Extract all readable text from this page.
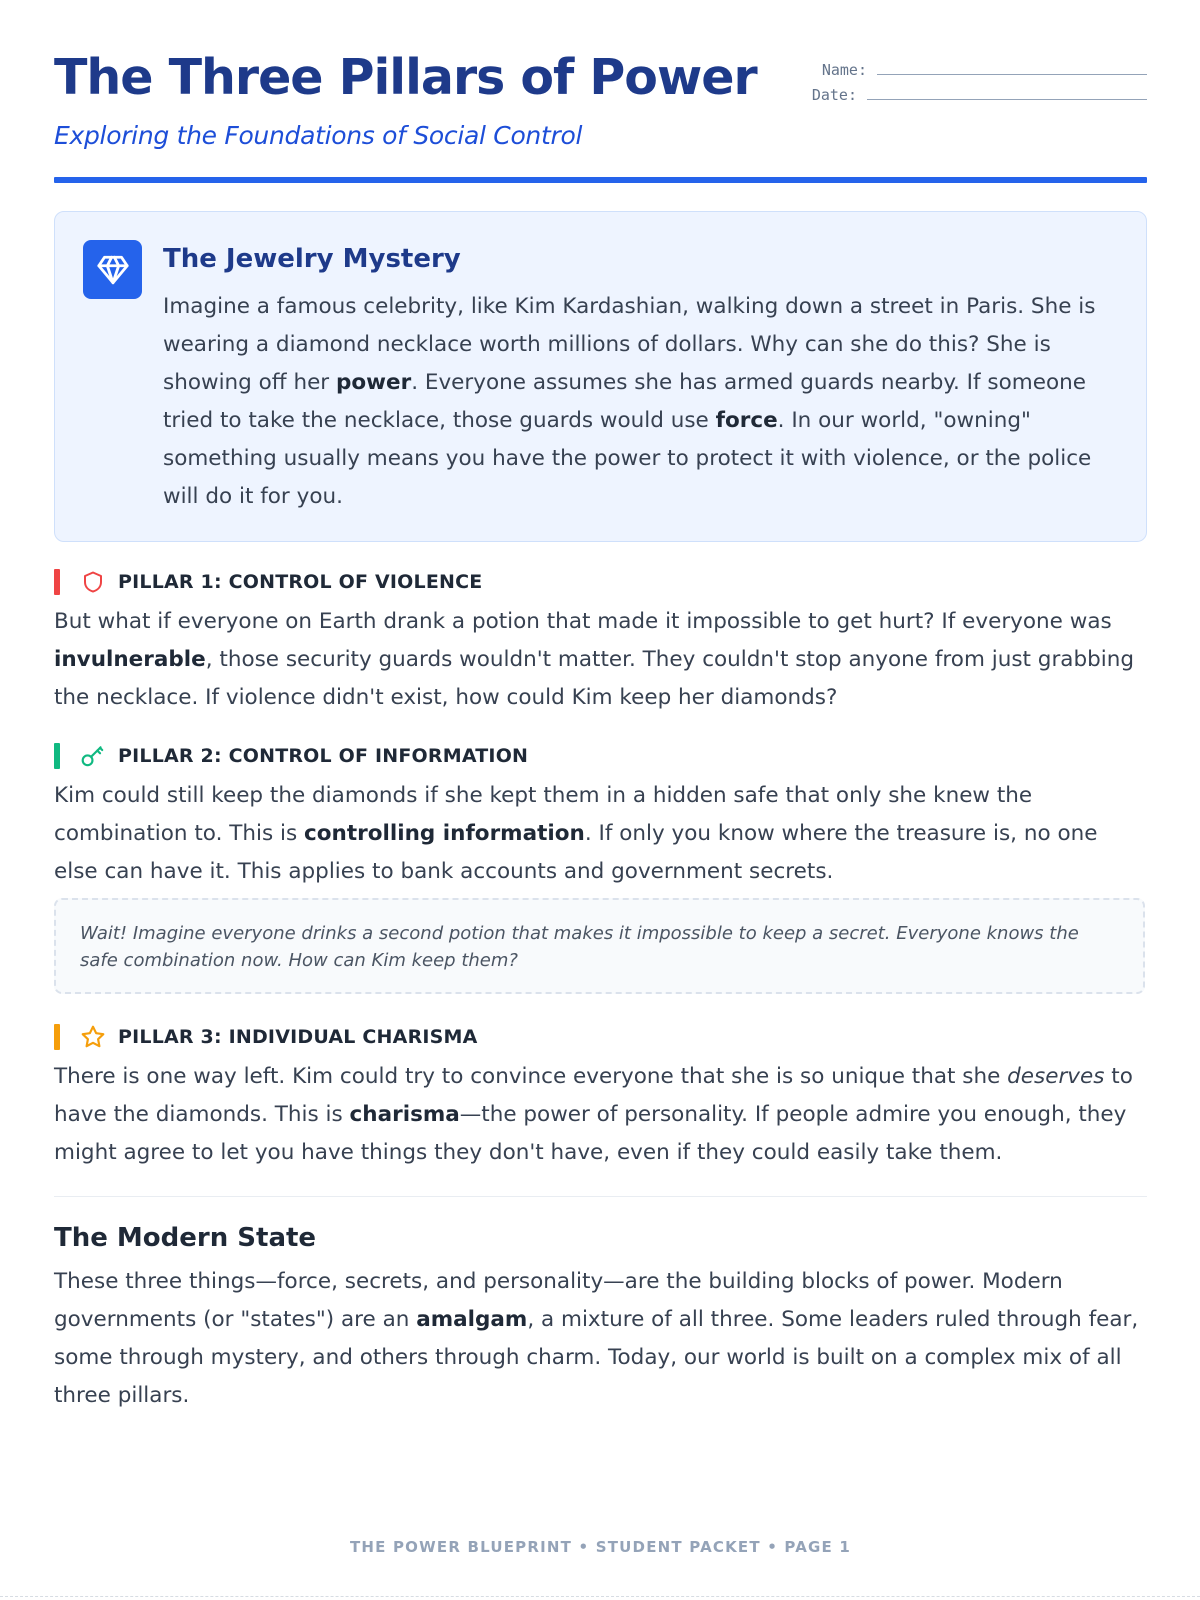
The Three Pillars of Power
Exploring the Foundations of Social Control
Name:
Date:
The Jewelry Mystery

Imagine a famous celebrity, like Kim Kardashian, walking down a street in Paris. She is wearing a diamond necklace worth millions of dollars. Why can she do this? She is showing off her power. Everyone assumes she has armed guards nearby. If someone tried to take the necklace, those guards would use force. In our world, "owning" something usually means you have the power to protect it with violence, or the police will do it for you.

PILLAR 1: CONTROL OF VIOLENCE

But what if everyone on Earth drank a potion that made it impossible to get hurt? If everyone was invulnerable, those security guards wouldn't matter. They couldn't stop anyone from just grabbing the necklace. If violence didn't exist, how could Kim keep her diamonds?

PILLAR 2: CONTROL OF INFORMATION

Kim could still keep the diamonds if she kept them in a hidden safe that only she knew the combination to. This is controlling information. If only you know where the treasure is, no one else can have it. This applies to bank accounts and government secrets.

Wait! Imagine everyone drinks a second potion that makes it impossible to keep a secret. Everyone knows the safe combination now. How can Kim keep them?

PILLAR 3: INDIVIDUAL CHARISMA

There is one way left. Kim could try to convince everyone that she is so unique that she deserves to have the diamonds. This is charisma—the power of personality. If people admire you enough, they might agree to let you have things they don't have, even if they could easily take them.

The Modern State

These three things—force, secrets, and personality—are the building blocks of power. Modern governments (or "states") are an amalgam, a mixture of all three. Some leaders ruled through fear, some through mystery, and others through charm. Today, our world is built on a complex mix of all three pillars.

THE POWER BLUEPRINT • STUDENT PACKET • PAGE 1
